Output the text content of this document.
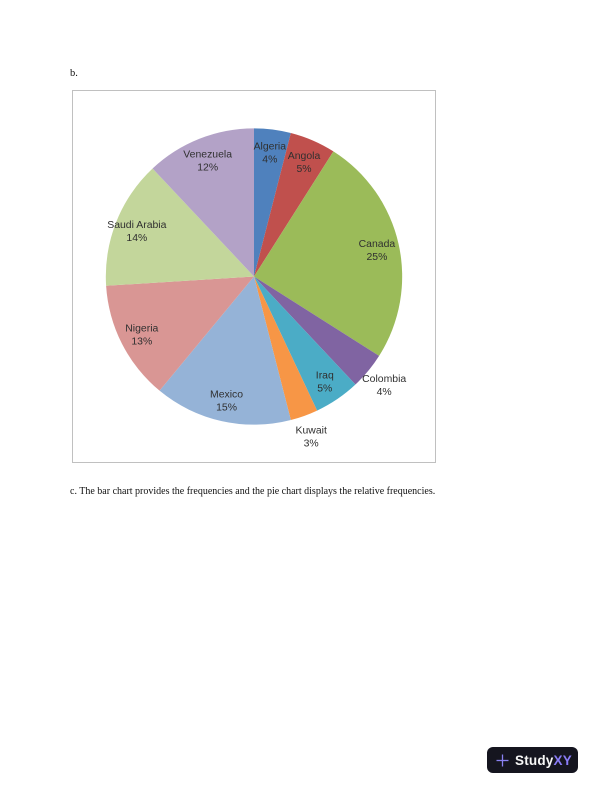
b.
Algeria 4% Angola 5%
Canada 25%
Colombia 4%
Iraq 5%
Kuwait 3%
Mexico 15%
Nigeria 13%
Saudi Arabia 14%
Venezuela 12%
c. The bar chart provides the frequencies and the pie chart displays the relative frequencies.
StudyXY
